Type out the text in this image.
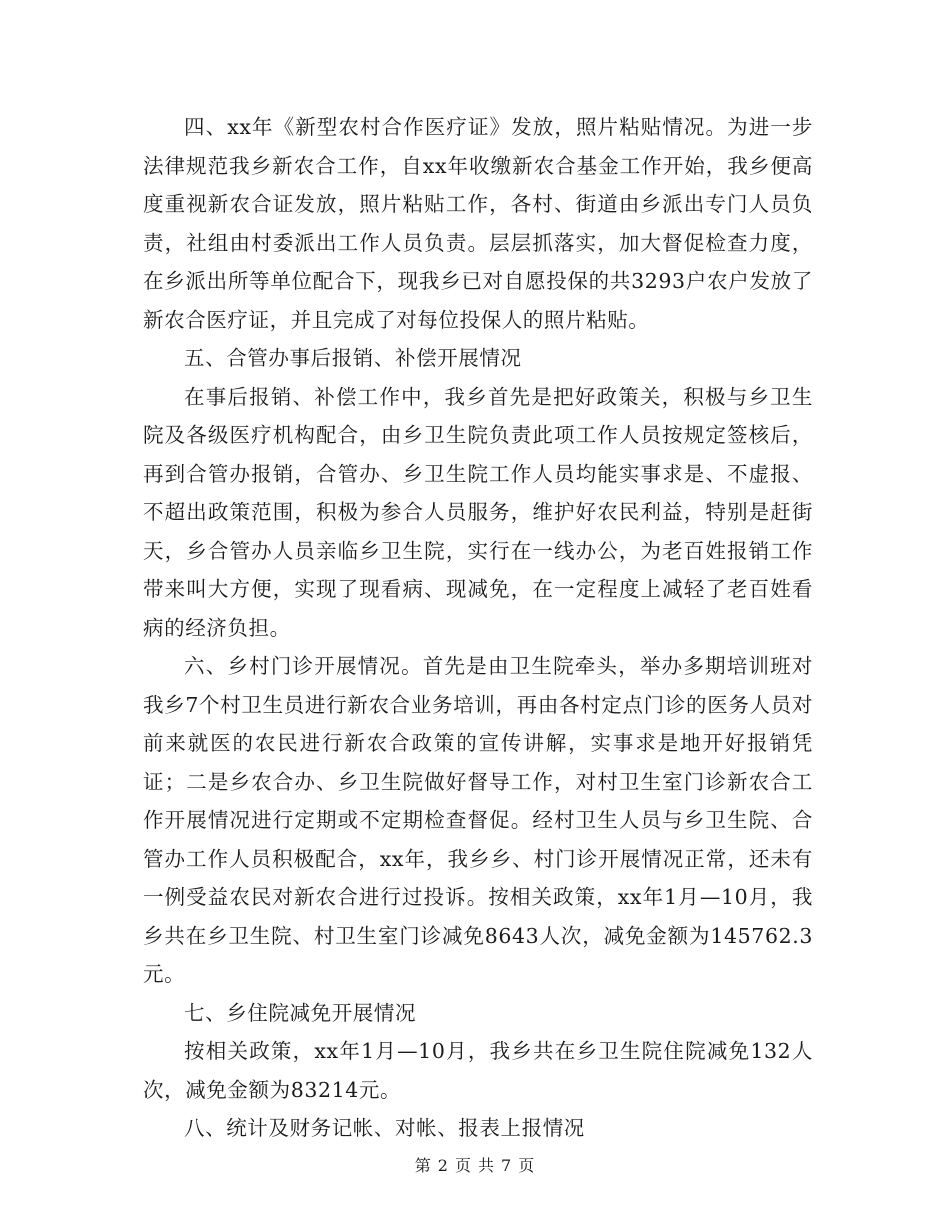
四、xx年《新型农村合作医疗证》发放，照片粘贴情况。为进一步法律规范我乡新农合工作，自xx年收缴新农合基金工作开始，我乡便高度重视新农合证发放，照片粘贴工作，各村、街道由乡派出专门人员负责，社组由村委派出工作人员负责。层层抓落实，加大督促检查力度，在乡派出所等单位配合下，现我乡已对自愿投保的共3293户农户发放了新农合医疗证，并且完成了对每位投保人的照片粘贴。

五、合管办事后报销、补偿开展情况

在事后报销、补偿工作中，我乡首先是把好政策关，积极与乡卫生院及各级医疗机构配合，由乡卫生院负责此项工作人员按规定签核后，再到合管办报销，合管办、乡卫生院工作人员均能实事求是、不虚报、不超出政策范围，积极为参合人员服务，维护好农民利益，特别是赶街天，乡合管办人员亲临乡卫生院，实行在一线办公，为老百姓报销工作带来叫大方便，实现了现看病、现减免，在一定程度上减轻了老百姓看病的经济负担。

六、乡村门诊开展情况。首先是由卫生院牵头，举办多期培训班对我乡7个村卫生员进行新农合业务培训，再由各村定点门诊的医务人员对前来就医的农民进行新农合政策的宣传讲解，实事求是地开好报销凭证；二是乡农合办、乡卫生院做好督导工作，对村卫生室门诊新农合工作开展情况进行定期或不定期检查督促。经村卫生人员与乡卫生院、合管办工作人员积极配合，xx年，我乡乡、村门诊开展情况正常，还未有一例受益农民对新农合进行过投诉。按相关政策，xx年1月—10月，我乡共在乡卫生院、村卫生室门诊减免8643人次，减免金额为145762.3元。

七、乡住院减免开展情况

按相关政策，xx年1月—10月，我乡共在乡卫生院住院减免132人次，减免金额为83214元。

八、统计及财务记帐、对帐、报表上报情况

第 2 页 共 7 页
